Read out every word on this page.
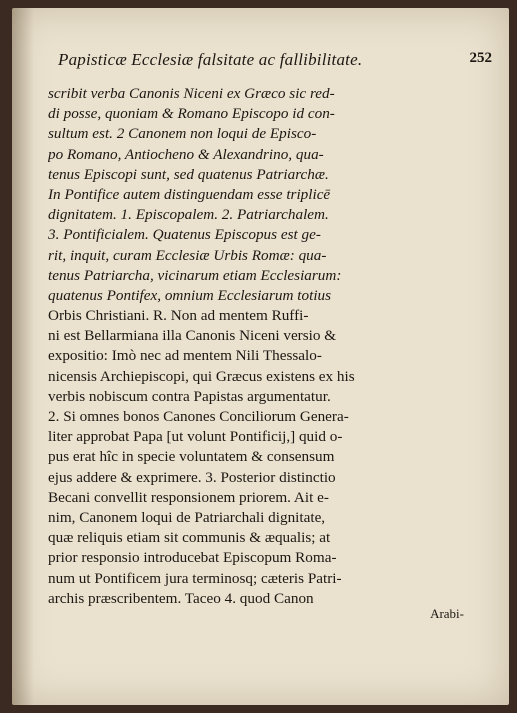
Papisticæ Ecclesiæ falsitate ac fallibilitate.	252
scribit verba Canonis Niceni ex Græco sic red-
di posse, quoniam & Romano Episcopo id con-
sultum est. 2 Canonem non loqui de Episco-
po Romano, Antiocheno & Alexandrino, qua-
tenus Episcopi sunt, sed quatenus Patriarchæ.
In Pontifice autem distinguendam esse triplicē
dignitatem. 1. Episcopalem. 2. Patriarchalem.
3. Pontificialem. Quatenus Episcopus est ge-
rit, inquit, curam Ecclesiæ Urbis Romæ: qua-
tenus Patriarcha, vicinarum etiam Ecclesiarum:
quatenus Pontifex, omnium Ecclesiarum totius
Orbis Christiani. R. Non ad mentem Ruffi-
ni est Bellarmiana illa Canonis Niceni versio &
expositio: Imò nec ad mentem Nili Thessalo-
nicensis Archiepiscopi, qui Græcus existens ex his
verbis nobiscum contra Papistas argumentatur.
2. Si omnes bonos Canones Conciliorum Genera-
liter approbat Papa [ut volunt Pontificij,] quid o-
pus erat hîc in specie voluntatem & consensum
ejus addere & exprimere. 3. Posterior distinctio
Becani convellit responsionem priorem. Ait e-
nim, Canonem loqui de Patriarchali dignitate,
quæ reliquis etiam sit communis & æqualis; at
prior responsio introducebat Episcopum Roma-
num ut Pontificem jura terminosq; cæteris Patri-
archis præscribentem. Taceo 4. quod Canon
Arabi-
